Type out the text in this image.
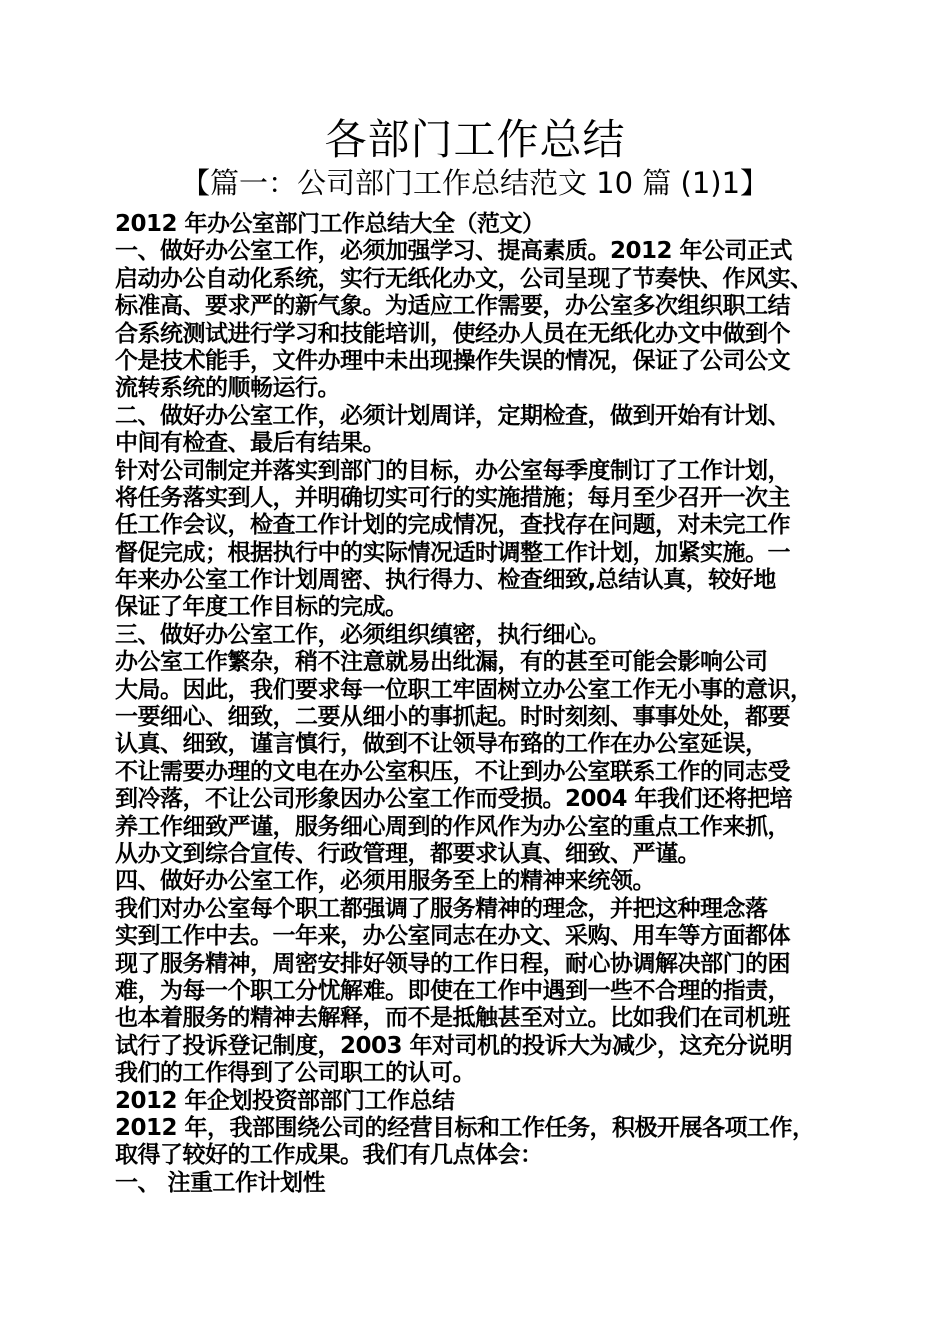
各部门工作总结
【篇一：公司部门工作总结范文 10 篇 (1)1】
2012 年办公室部门工作总结大全（范文）
一、做好办公室工作，必须加强学习、提高素质。2012 年公司正式
启动办公自动化系统，实行无纸化办文，公司呈现了节奏快、作风实、
标准高、要求严的新气象。为适应工作需要，办公室多次组织职工结
合系统测试进行学习和技能培训，使经办人员在无纸化办文中做到个
个是技术能手，文件办理中未出现操作失误的情况，保证了公司公文
流转系统的顺畅运行。
二、做好办公室工作，必须计划周详，定期检查，做到开始有计划、
中间有检查、最后有结果。
针对公司制定并落实到部门的目标，办公室每季度制订了工作计划，
将任务落实到人，并明确切实可行的实施措施；每月至少召开一次主
任工作会议，检查工作计划的完成情况，查找存在问题，对未完工作
督促完成；根据执行中的实际情况适时调整工作计划，加紧实施。一
年来办公室工作计划周密、执行得力、检查细致,总结认真，较好地
保证了年度工作目标的完成。
三、做好办公室工作，必须组织缜密，执行细心。
办公室工作繁杂，稍不注意就易出纰漏，有的甚至可能会影响公司
大局。因此，我们要求每一位职工牢固树立办公室工作无小事的意识，
一要细心、细致，二要从细小的事抓起。时时刻刻、事事处处，都要
认真、细致，谨言慎行，做到不让领导布臵的工作在办公室延误，
不让需要办理的文电在办公室积压，不让到办公室联系工作的同志受
到冷落，不让公司形象因办公室工作而受损。2004 年我们还将把培
养工作细致严谨，服务细心周到的作风作为办公室的重点工作来抓，
从办文到综合宣传、行政管理，都要求认真、细致、严谨。
四、做好办公室工作，必须用服务至上的精神来统领。
我们对办公室每个职工都强调了服务精神的理念，并把这种理念落
实到工作中去。一年来，办公室同志在办文、采购、用车等方面都体
现了服务精神，周密安排好领导的工作日程，耐心协调解决部门的困
难，为每一个职工分忧解难。即使在工作中遇到一些不合理的指责，
也本着服务的精神去解释，而不是抵触甚至对立。比如我们在司机班
试行了投诉登记制度，2003 年对司机的投诉大为减少，这充分说明
我们的工作得到了公司职工的认可。
2012 年企划投资部部门工作总结
2012 年，我部围绕公司的经营目标和工作任务，积极开展各项工作，
取得了较好的工作成果。我们有几点体会：
一、 注重工作计划性
